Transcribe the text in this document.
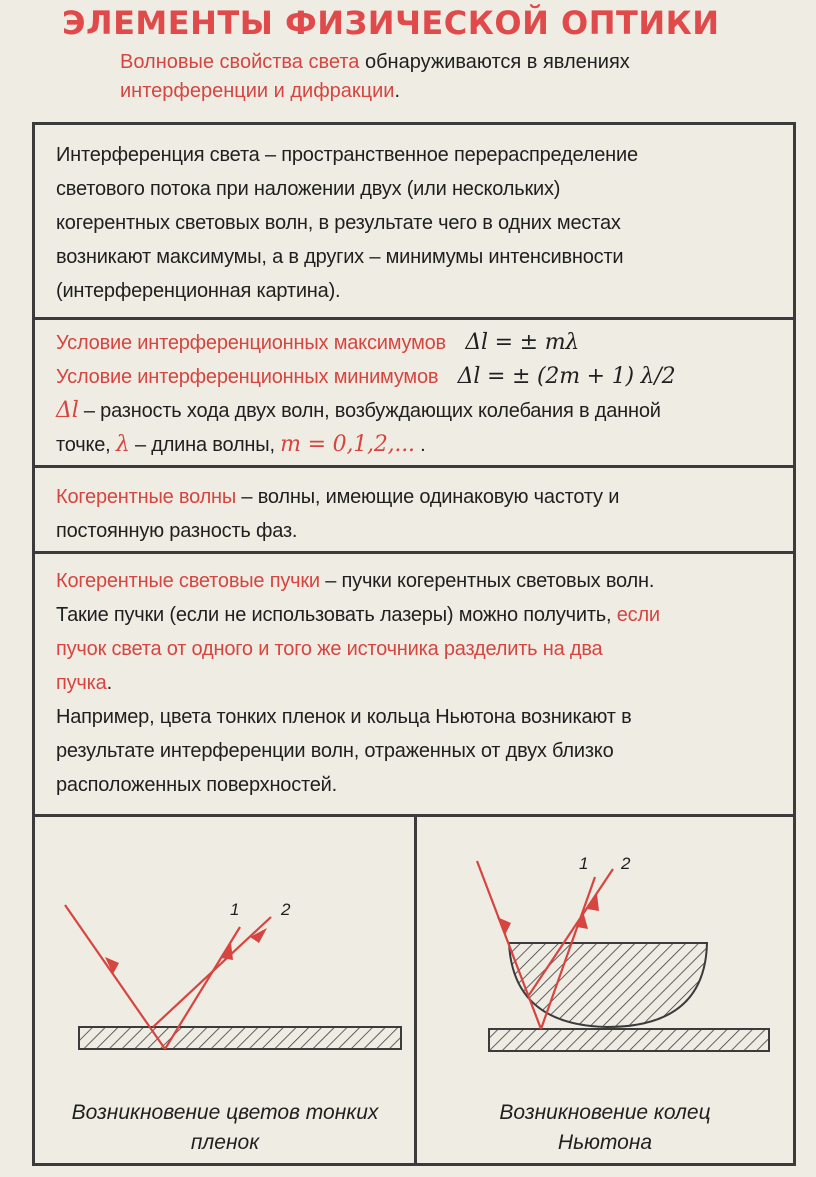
ЭЛЕМЕНТЫ ФИЗИЧЕСКОЙ ОПТИКИ
Волновые свойства света обнаруживаются в явлениях
интерференции и дифракции.

Интерференция света – пространственное перераспределение

светового потока при наложении двух (или нескольких)

когерентных световых волн, в результате чего в одних местах

возникают максимумы, а в других – минимумы интенсивности

(интерференционная картина).

Условие интерференционных максимумов Δl = ± mλ

Условие интерференционных минимумов Δl = ± (2m + 1) λ/2

Δl – разность хода двух волн, возбуждающих колебания в данной

точке, λ – длина волны, m = 0,1,2,... .

Когерентные волны – волны, имеющие одинаковую частоту и

постоянную разность фаз.

Когерентные световые пучки – пучки когерентных световых волн.

Такие пучки (если не использовать лазеры) можно получить, если

пучок света от одного и того же источника разделить на два

пучка.

Например, цвета тонких пленок и кольца Ньютона возникают в

результате интерференции волн, отраженных от двух близко

расположенных поверхностей.

1 2
Возникновение цветов тонких
пленок
1 2
Возникновение колец
Ньютона
